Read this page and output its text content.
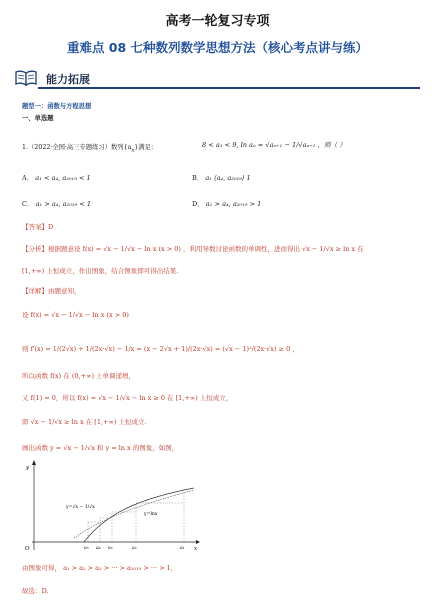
高考一轮复习专项
重难点 08 七种数列数学思想方法（核心考点讲与练）
能力拓展
题型一：函数与方程思想
一、单选题
1.（2022·全国·高三专题练习）数列$\{a_n\}$满足：	8 < a₁ < 9, ln aₙ = √aₙ₊₁ − 1/√aₙ₊₁ ，则（ ）
A． a₁ < a₄, a₂₀₁₉ < 1	B． a₁ ⟨a₄, a₂₀₁₉⟩ 1
C． a₁ > a₄, a₂₀₁₉ < 1	D． a₁ > a₄, a₂₀₁₉ > 1
【答案】D
【分析】根据题意设 f(x) = √x − 1/√x − ln x (x > 0) ，利用导数讨论函数的单调性，进而得出 √x − 1/√x ≥ ln x 在
[1,+∞) 上恒成立，作出图象，结合图象即可得出结果.
【详解】由题意知，
设 f(x) = √x − 1/√x − ln x (x > 0)
则 f′(x) = 1/(2√x) + 1/(2x·√x) − 1/x = (x − 2√x + 1)/(2x·√x) = (√x − 1)²/(2x·√x) ≥ 0 ，
所以函数 f(x) 在 (0,+∞) 上单调递增，
又 f(1) = 0，所以 f(x) = √x − 1/√x − ln x ≥ 0 在 [1,+∞) 上恒成立，
即 √x − 1/√x ≥ ln x 在 [1,+∞) 上恒成立.
画出函数 y = √x − 1/√x 和 y = ln x 的图象，如图，
y
x
O
y=√x − 1/√x
y=lnx
a₅ a₄ a₃	a₂	a₁
由图象可得， a₁ > a₂ > a₃ > ··· > a₂₀₁₉ > ··· > 1，
故选：D.
